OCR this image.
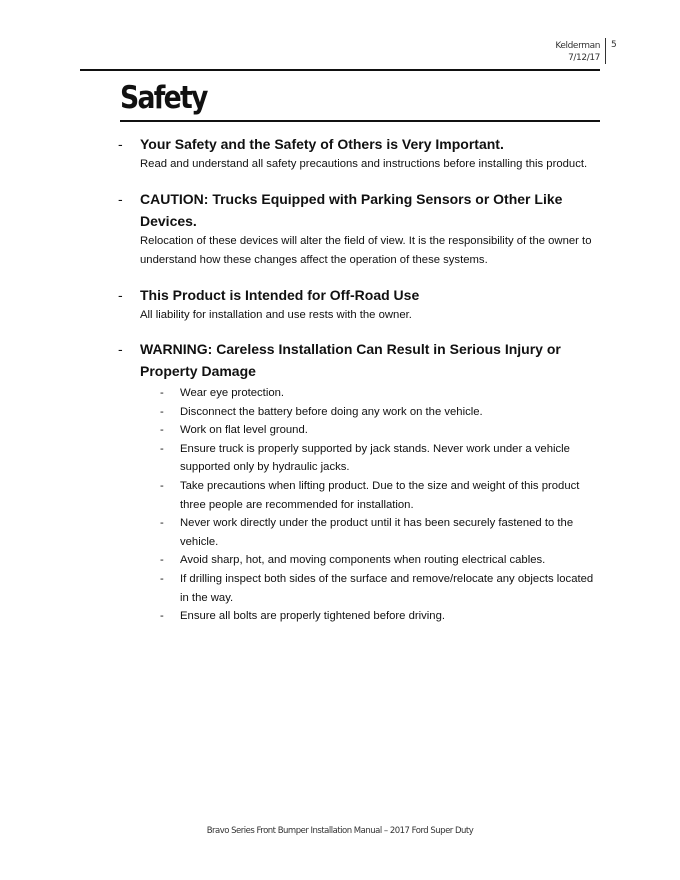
Kelderman
7/12/17
5
Safety
- Your Safety and the Safety of Others is Very Important.

Read and understand all safety precautions and instructions before installing this product.

- CAUTION: Trucks Equipped with Parking Sensors or Other Like Devices.

Relocation of these devices will alter the field of view. It is the responsibility of the owner to understand how these changes affect the operation of these systems.

- This Product is Intended for Off-Road Use

All liability for installation and use rests with the owner.

- WARNING: Careless Installation Can Result in Serious Injury or Property Damage

- Wear eye protection.
- Disconnect the battery before doing any work on the vehicle.
- Work on flat level ground.
- Ensure truck is properly supported by jack stands. Never work under a vehicle supported only by hydraulic jacks.
- Take precautions when lifting product. Due to the size and weight of this product three people are recommended for installation.
- Never work directly under the product until it has been securely fastened to the vehicle.
- Avoid sharp, hot, and moving components when routing electrical cables.
- If drilling inspect both sides of the surface and remove/relocate any objects located in the way.
- Ensure all bolts are properly tightened before driving.
Bravo Series Front Bumper Installation Manual – 2017 Ford Super Duty
